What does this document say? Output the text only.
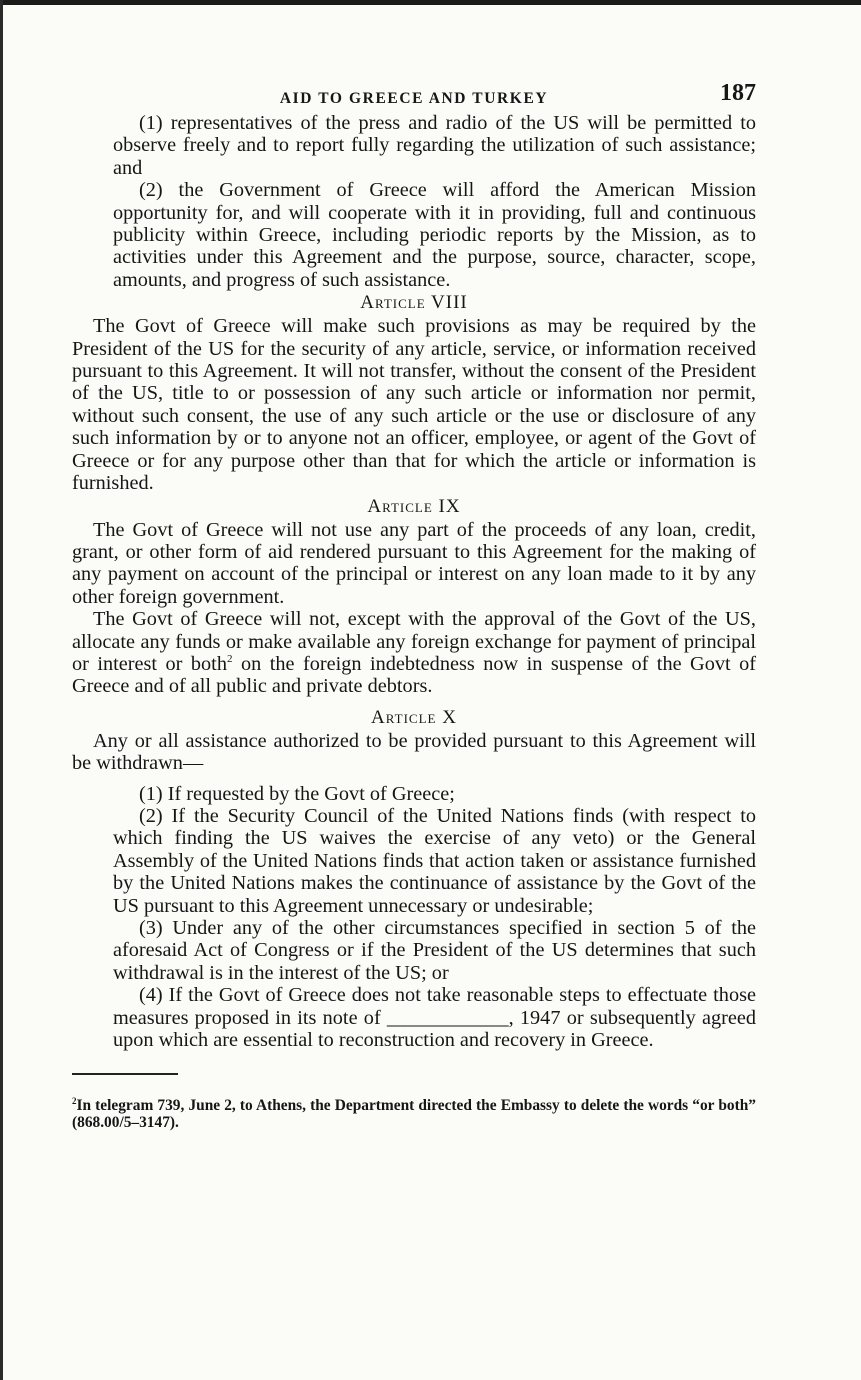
AID TO GREECE AND TURKEY	187

(1) representatives of the press and radio of the US will be permitted to observe freely and to report fully regarding the utilization of such assistance; and

(2) the Government of Greece will afford the American Mission opportunity for, and will cooperate with it in providing, full and continuous publicity within Greece, including periodic reports by the Mission, as to activities under this Agreement and the purpose, source, character, scope, amounts, and progress of such assistance.

Article VIII

The Govt of Greece will make such provisions as may be required by the President of the US for the security of any article, service, or information received pursuant to this Agreement. It will not transfer, without the consent of the President of the US, title to or possession of any such article or information nor permit, without such consent, the use of any such article or the use or disclosure of any such information by or to anyone not an officer, employee, or agent of the Govt of Greece or for any purpose other than that for which the article or information is furnished.

Article IX

The Govt of Greece will not use any part of the proceeds of any loan, credit, grant, or other form of aid rendered pursuant to this Agreement for the making of any payment on account of the principal or interest on any loan made to it by any other foreign government.

The Govt of Greece will not, except with the approval of the Govt of the US, allocate any funds or make available any foreign exchange for payment of principal or interest or both$^2$ on the foreign indebtedness now in suspense of the Govt of Greece and of all public and private debtors.

Article X

Any or all assistance authorized to be provided pursuant to this Agreement will be withdrawn—

(1) If requested by the Govt of Greece;

(2) If the Security Council of the United Nations finds (with respect to which finding the US waives the exercise of any veto) or the General Assembly of the United Nations finds that action taken or assistance furnished by the United Nations makes the continuance of assistance by the Govt of the US pursuant to this Agreement unnecessary or undesirable;

(3) Under any of the other circumstances specified in section 5 of the aforesaid Act of Congress or if the President of the US determines that such withdrawal is in the interest of the US; or

(4) If the Govt of Greece does not take reasonable steps to effectuate those measures proposed in its note of ____________, 1947 or subsequently agreed upon which are essential to reconstruction and recovery in Greece.

$^2$In telegram 739, June 2, to Athens, the Department directed the Embassy to delete the words “or both” (868.00/5–3147).
